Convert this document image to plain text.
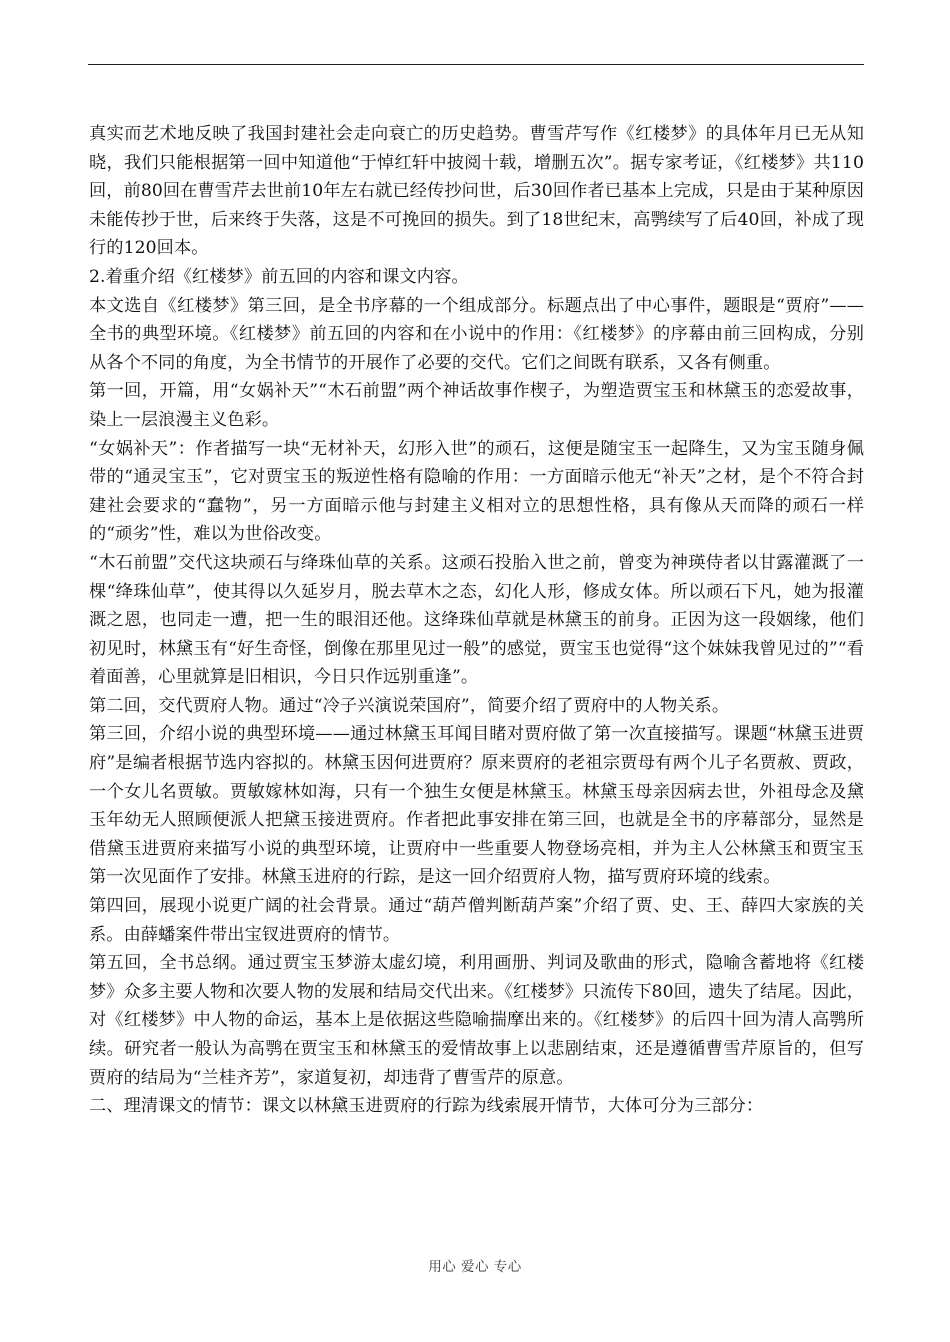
真实而艺术地反映了我国封建社会走向衰亡的历史趋势。曹雪芹写作《红楼梦》的具体年月已无从知晓，我们只能根据第一回中知道他“于悼红轩中披阅十载，增删五次”。据专家考证，《红楼梦》共110回，前80回在曹雪芹去世前10年左右就已经传抄问世，后30回作者已基本上完成，只是由于某种原因未能传抄于世，后来终于失落，这是不可挽回的损失。到了18世纪末，高鹗续写了后40回，补成了现行的120回本。

2.着重介绍《红楼梦》前五回的内容和课文内容。

本文选自《红楼梦》第三回，是全书序幕的一个组成部分。标题点出了中心事件，题眼是“贾府”——全书的典型环境。《红楼梦》前五回的内容和在小说中的作用：《红楼梦》的序幕由前三回构成，分别从各个不同的角度，为全书情节的开展作了必要的交代。它们之间既有联系，又各有侧重。

第一回，开篇，用“女娲补天”“木石前盟”两个神话故事作楔子，为塑造贾宝玉和林黛玉的恋爱故事，染上一层浪漫主义色彩。

“女娲补天”：作者描写一块“无材补天，幻形入世”的顽石，这便是随宝玉一起降生，又为宝玉随身佩带的“通灵宝玉”，它对贾宝玉的叛逆性格有隐喻的作用：一方面暗示他无“补天”之材，是个不符合封建社会要求的“蠢物”，另一方面暗示他与封建主义相对立的思想性格，具有像从天而降的顽石一样的“顽劣”性，难以为世俗改变。

“木石前盟”交代这块顽石与绛珠仙草的关系。这顽石投胎入世之前，曾变为神瑛侍者以甘露灌溉了一棵“绛珠仙草”，使其得以久延岁月，脱去草木之态，幻化人形，修成女体。所以顽石下凡，她为报灌溉之恩，也同走一遭，把一生的眼泪还他。这绛珠仙草就是林黛玉的前身。正因为这一段姻缘，他们初见时，林黛玉有“好生奇怪，倒像在那里见过一般”的感觉，贾宝玉也觉得“这个妹妹我曾见过的”“看着面善，心里就算是旧相识，今日只作远别重逢”。

第二回，交代贾府人物。通过“冷子兴演说荣国府”，简要介绍了贾府中的人物关系。

第三回，介绍小说的典型环境——通过林黛玉耳闻目睹对贾府做了第一次直接描写。课题“林黛玉进贾府”是编者根据节选内容拟的。林黛玉因何进贾府？原来贾府的老祖宗贾母有两个儿子名贾赦、贾政，一个女儿名贾敏。贾敏嫁林如海，只有一个独生女便是林黛玉。林黛玉母亲因病去世，外祖母念及黛玉年幼无人照顾便派人把黛玉接进贾府。作者把此事安排在第三回，也就是全书的序幕部分，显然是借黛玉进贾府来描写小说的典型环境，让贾府中一些重要人物登场亮相，并为主人公林黛玉和贾宝玉第一次见面作了安排。林黛玉进府的行踪，是这一回介绍贾府人物，描写贾府环境的线索。

第四回，展现小说更广阔的社会背景。通过“葫芦僧判断葫芦案”介绍了贾、史、王、薛四大家族的关系。由薛蟠案件带出宝钗进贾府的情节。

第五回，全书总纲。通过贾宝玉梦游太虚幻境，利用画册、判词及歌曲的形式，隐喻含蓄地将《红楼梦》众多主要人物和次要人物的发展和结局交代出来。《红楼梦》只流传下80回，遗失了结尾。因此，对《红楼梦》中人物的命运，基本上是依据这些隐喻揣摩出来的。《红楼梦》的后四十回为清人高鹗所续。研究者一般认为高鹗在贾宝玉和林黛玉的爱情故事上以悲剧结束，还是遵循曹雪芹原旨的，但写贾府的结局为“兰桂齐芳”，家道复初，却违背了曹雪芹的原意。

二、理清课文的情节：课文以林黛玉进贾府的行踪为线索展开情节，大体可分为三部分：

用心 爱心 专心
